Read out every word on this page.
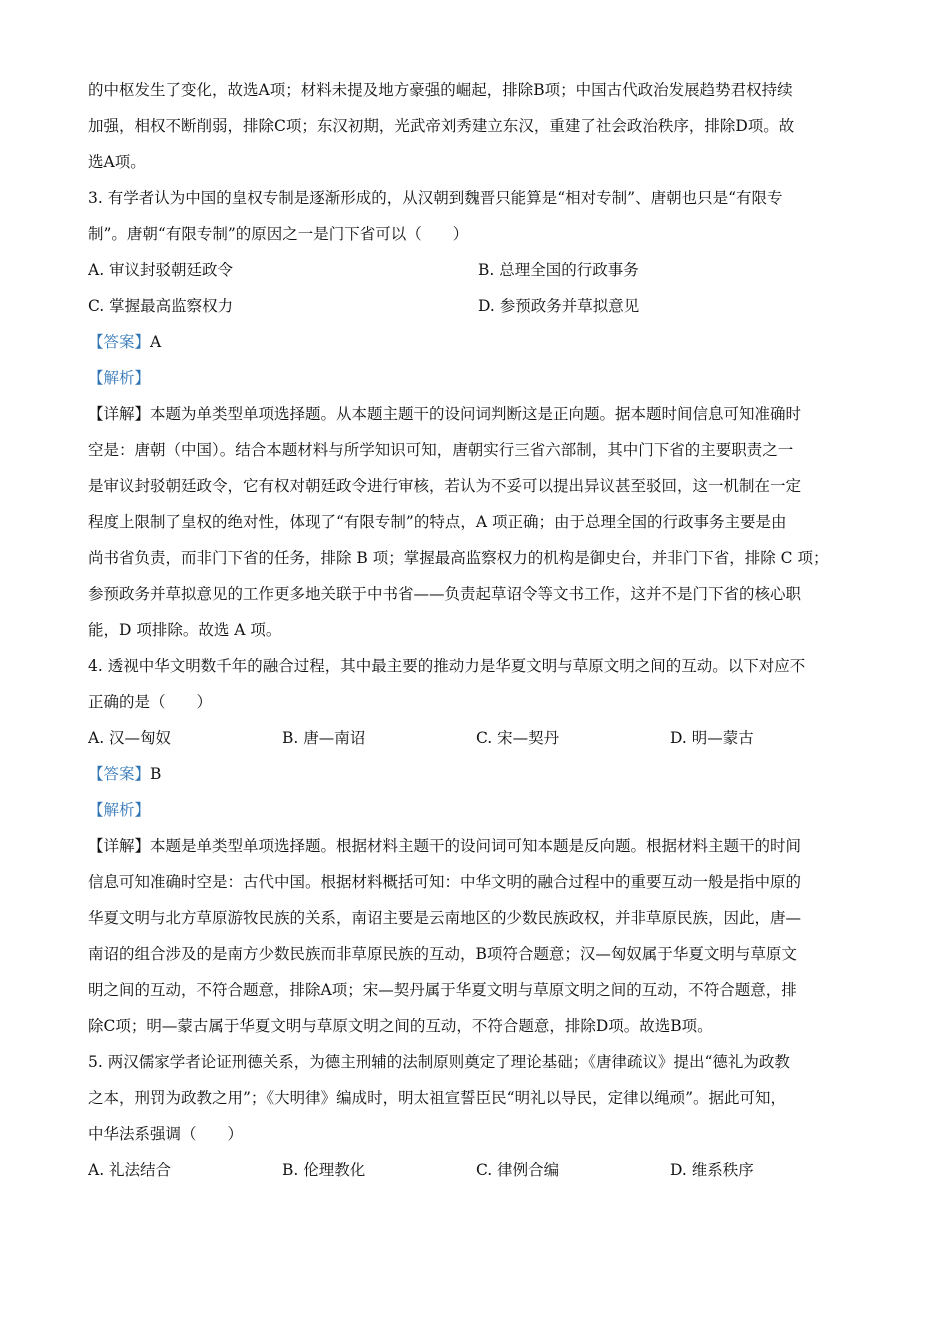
的中枢发生了变化，故选A项；材料未提及地方豪强的崛起，排除B项；中国古代政治发展趋势君权持续
加强，相权不断削弱，排除C项；东汉初期，光武帝刘秀建立东汉，重建了社会政治秩序，排除D项。故
选A项。
3. 有学者认为中国的皇权专制是逐渐形成的，从汉朝到魏晋只能算是“相对专制”、唐朝也只是“有限专
制”。唐朝“有限专制”的原因之一是门下省可以（　　）
A. 审议封驳朝廷政令	B. 总理全国的行政事务
C. 掌握最高监察权力	D. 参预政务并草拟意见
【答案】A
【解析】
【详解】本题为单类型单项选择题。从本题主题干的设问词判断这是正向题。据本题时间信息可知准确时
空是：唐朝（中国）。结合本题材料与所学知识可知，唐朝实行三省六部制，其中门下省的主要职责之一
是审议封驳朝廷政令，它有权对朝廷政令进行审核，若认为不妥可以提出异议甚至驳回，这一机制在一定
程度上限制了皇权的绝对性，体现了“有限专制”的特点，A 项正确；由于总理全国的行政事务主要是由
尚书省负责，而非门下省的任务，排除 B 项；掌握最高监察权力的机构是御史台，并非门下省，排除 C 项；
参预政务并草拟意见的工作更多地关联于中书省——负责起草诏令等文书工作，这并不是门下省的核心职
能，D 项排除。故选 A 项。
4. 透视中华文明数千年的融合过程，其中最主要的推动力是华夏文明与草原文明之间的互动。以下对应不
正确的是（　　）
A. 汉—匈奴	B. 唐—南诏	C. 宋—契丹	D. 明—蒙古
【答案】B
【解析】
【详解】本题是单类型单项选择题。根据材料主题干的设问词可知本题是反向题。根据材料主题干的时间
信息可知准确时空是：古代中国。根据材料概括可知：中华文明的融合过程中的重要互动一般是指中原的
华夏文明与北方草原游牧民族的关系，南诏主要是云南地区的少数民族政权，并非草原民族，因此，唐—
南诏的组合涉及的是南方少数民族而非草原民族的互动，B项符合题意；汉—匈奴属于华夏文明与草原文
明之间的互动，不符合题意，排除A项；宋—契丹属于华夏文明与草原文明之间的互动，不符合题意，排
除C项；明—蒙古属于华夏文明与草原文明之间的互动，不符合题意，排除D项。故选B项。
5. 两汉儒家学者论证刑德关系，为德主刑辅的法制原则奠定了理论基础；《唐律疏议》提出“德礼为政教
之本，刑罚为政教之用”；《大明律》编成时，明太祖宣誓臣民“明礼以导民，定律以绳顽”。据此可知，
中华法系强调（　　）
A. 礼法结合	B. 伦理教化	C. 律例合编	D. 维系秩序
